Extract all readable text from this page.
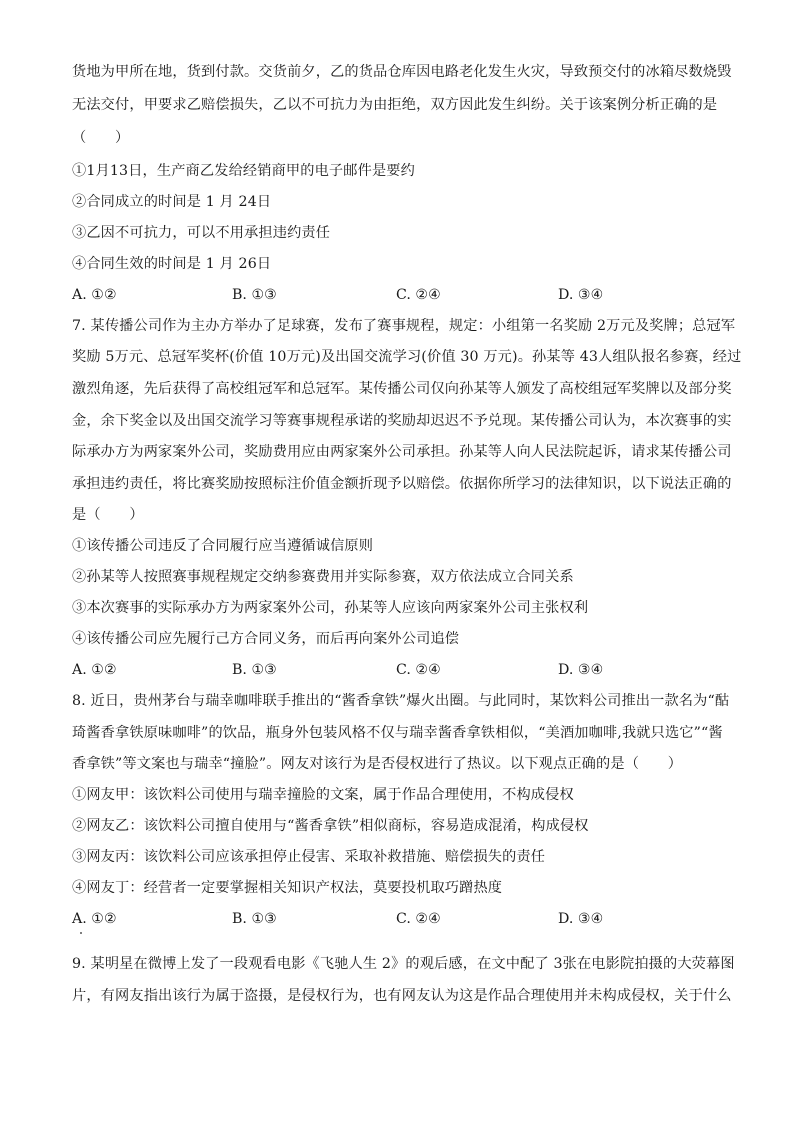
货地为甲所在地，货到付款。交货前夕，乙的货品仓库因电路老化发生火灾，导致预交付的冰箱尽数烧毁
无法交付，甲要求乙赔偿损失，乙以不可抗力为由拒绝，双方因此发生纠纷。关于该案例分析正确的是
（　　）
①1月13日，生产商乙发给经销商甲的电子邮件是要约
②合同成立的时间是 1 月 24日
③乙因不可抗力，可以不用承担违约责任
④合同生效的时间是 1 月 26日
A. ①②	B. ①③	C. ②④	D. ③④
7. 某传播公司作为主办方举办了足球赛，发布了赛事规程，规定：小组第一名奖励 2万元及奖牌；总冠军
奖励 5万元、总冠军奖杯(价值 10万元)及出国交流学习(价值 30 万元)。孙某等 43人组队报名参赛，经过
激烈角逐，先后获得了高校组冠军和总冠军。某传播公司仅向孙某等人颁发了高校组冠军奖牌以及部分奖
金，余下奖金以及出国交流学习等赛事规程承诺的奖励却迟迟不予兑现。某传播公司认为，本次赛事的实
际承办方为两家案外公司，奖励费用应由两家案外公司承担。孙某等人向人民法院起诉，请求某传播公司
承担违约责任，将比赛奖励按照标注价值金额折现予以赔偿。依据你所学习的法律知识，以下说法正确的
是（　　）
①该传播公司违反了合同履行应当遵循诚信原则
②孙某等人按照赛事规程规定交纳参赛费用并实际参赛，双方依法成立合同关系
③本次赛事的实际承办方为两家案外公司，孙某等人应该向两家案外公司主张权利
④该传播公司应先履行己方合同义务，而后再向案外公司追偿
A. ①②	B. ①③	C. ②④	D. ③④
8. 近日，贵州茅台与瑞幸咖啡联手推出的“酱香拿铁”爆火出圈。与此同时，某饮料公司推出一款名为“酤
琦酱香拿铁原味咖啡”的饮品，瓶身外包装风格不仅与瑞幸酱香拿铁相似，“美酒加咖啡,我就只选它”“酱
香拿铁”等文案也与瑞幸“撞脸”。网友对该行为是否侵权进行了热议。以下观点正确的是（　　）
①网友甲：该饮料公司使用与瑞幸撞脸的文案，属于作品合理使用，不构成侵权
②网友乙：该饮料公司擅自使用与“酱香拿铁”相似商标，容易造成混淆，构成侵权
③网友丙：该饮料公司应该承担停止侵害、采取补救措施、赔偿损失的责任
④网友丁：经营者一定要掌握相关知识产权法，莫要投机取巧蹭热度
A. ①②	B. ①③	C. ②④	D. ③④
9. 某明星在微博上发了一段观看电影《飞驰人生 2》的观后感，在文中配了 3张在电影院拍摄的大荧幕图
片，有网友指出该行为属于盗摄，是侵权行为，也有网友认为这是作品合理使用并未构成侵权，关于什么
